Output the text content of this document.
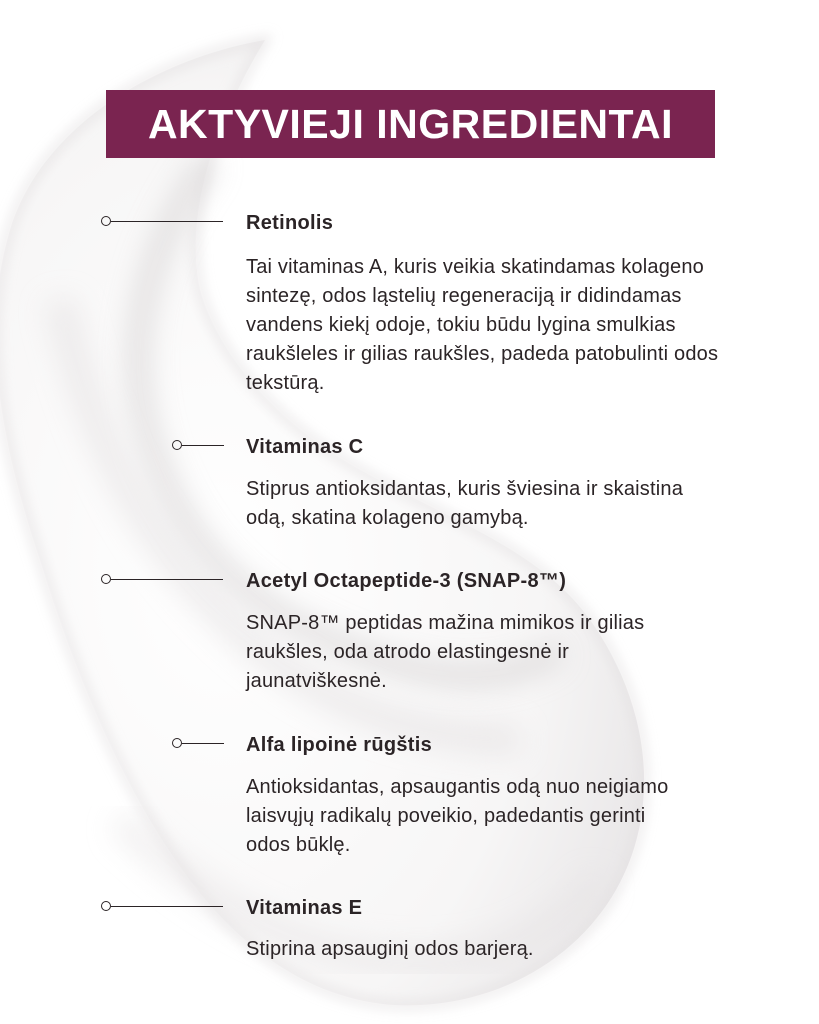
AKTYVIEJI INGREDIENTAI
Retinolis

Tai vitaminas A, kuris veikia skatindamas kolageno sintezę, odos ląstelių regeneraciją ir didindamas vandens kiekį odoje, tokiu būdu lygina smulkias raukšleles ir gilias raukšles, padeda patobulinti odos tekstūrą.

Vitaminas C

Stiprus antioksidantas, kuris šviesina ir skaistina odą, skatina kolageno gamybą.

Acetyl Octapeptide-3 (SNAP-8™)

SNAP-8™ peptidas mažina mimikos ir gilias raukšles, oda atrodo elastingesnė ir jaunatviškesnė.

Alfa lipoinė rūgštis

Antioksidantas, apsaugantis odą nuo neigiamo laisvųjų radikalų poveikio, padedantis gerinti odos būklę.

Vitaminas E

Stiprina apsauginį odos barjerą.
